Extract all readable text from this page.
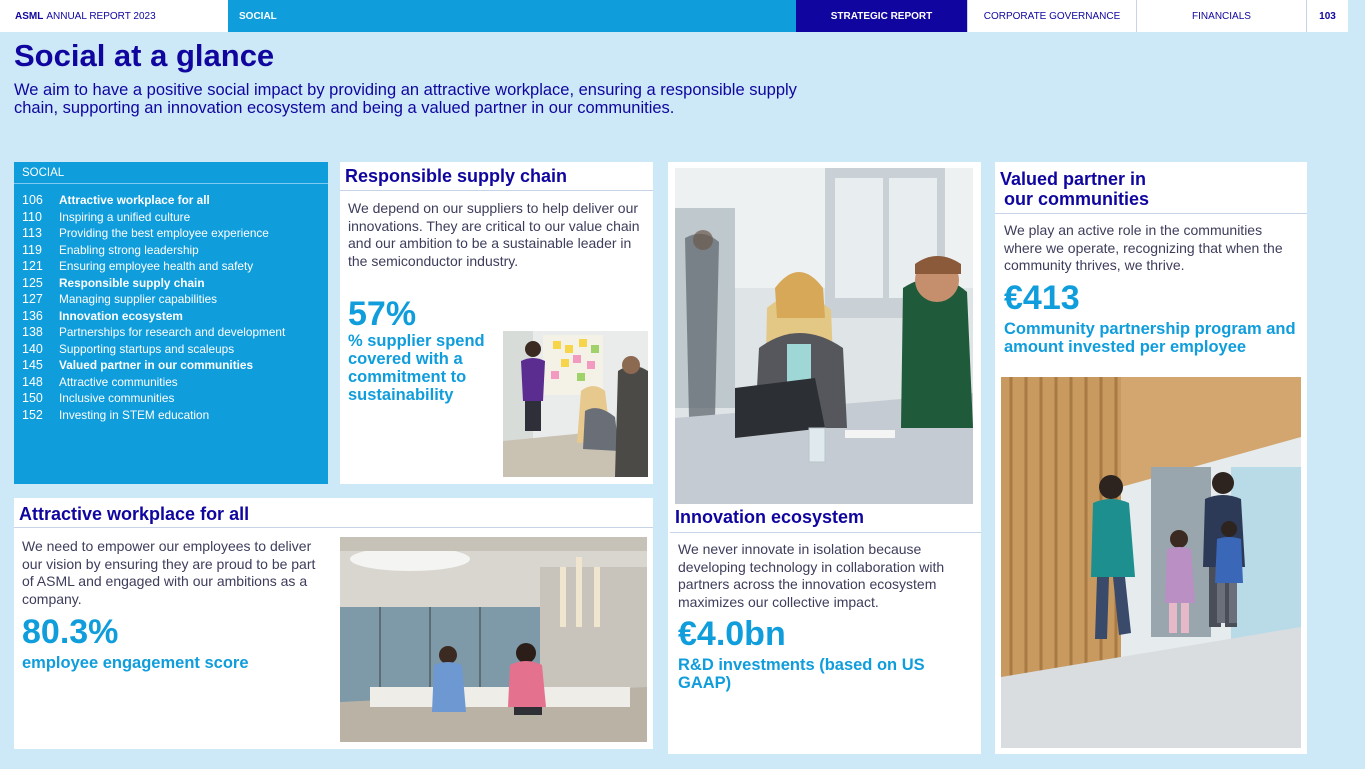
ASML ANNUAL REPORT 2023	SOCIAL	STRATEGIC REPORT	CORPORATE GOVERNANCE	FINANCIALS	103
Social at a glance

We aim to have a positive social impact by providing an attractive workplace, ensuring a responsible supply chain, supporting an innovation ecosystem and being a valued partner in our communities.

SOCIAL
106	Attractive workplace for all
110	Inspiring a unified culture
113	Providing the best employee experience
119	Enabling strong leadership
121	Ensuring employee health and safety
125	Responsible supply chain
127	Managing supplier capabilities
136	Innovation ecosystem
138	Partnerships for research and development
140	Supporting startups and scaleups
145	Valued partner in our communities
148	Attractive communities
150	Inclusive communities
152	Investing in STEM education
Responsible supply chain

We depend on our suppliers to help deliver our innovations. They are critical to our value chain and our ambition to be a sustainable leader in the semiconductor industry.

57%
% supplier spend covered with a commitment to sustainability
Innovation ecosystem

We never innovate in isolation because developing technology in collaboration with partners across the innovation ecosystem maximizes our collective impact.

€4.0bn
R&D investments (based on US GAAP)
Valued partner in
our communities

We play an active role in the communities where we operate, recognizing that when the community thrives, we thrive.

€413
Community partnership program and amount invested per employee
Attractive workplace for all

We need to empower our employees to deliver our vision by ensuring they are proud to be part of ASML and engaged with our ambitions as a company.

80.3%
employee engagement score
